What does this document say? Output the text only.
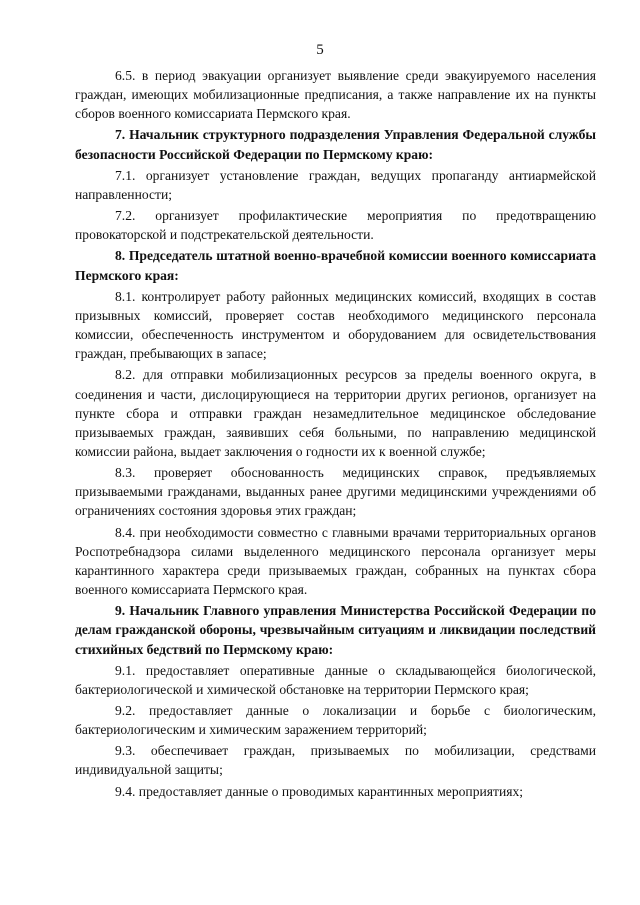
5

6.5. в период эвакуации организует выявление среди эвакуируемого населения граждан, имеющих мобилизационные предписания, а также направление их на пункты сборов военного комиссариата Пермского края.

7. Начальник структурного подразделения Управления Федеральной службы безопасности Российской Федерации по Пермскому краю:

7.1. организует установление граждан, ведущих пропаганду антиармейской направленности;

7.2. организует профилактические мероприятия по предотвращению провокаторской и подстрекательской деятельности.

8. Председатель штатной военно-врачебной комиссии военного комиссариата Пермского края:

8.1. контролирует работу районных медицинских комиссий, входящих в состав призывных комиссий, проверяет состав необходимого медицинского персонала комиссии, обеспеченность инструментом и оборудованием для освидетельствования граждан, пребывающих в запасе;

8.2. для отправки мобилизационных ресурсов за пределы военного округа, в соединения и части, дислоцирующиеся на территории других регионов, организует на пункте сбора и отправки граждан незамедлительное медицинское обследование призываемых граждан, заявивших себя больными, по направлению медицинской комиссии района, выдает заключения о годности их к военной службе;

8.3. проверяет обоснованность медицинских справок, предъявляемых призываемыми гражданами, выданных ранее другими медицинскими учреждениями об ограничениях состояния здоровья этих граждан;

8.4. при необходимости совместно с главными врачами территориальных органов Роспотребнадзора силами выделенного медицинского персонала организует меры карантинного характера среди призываемых граждан, собранных на пунктах сбора военного комиссариата Пермского края.

9. Начальник Главного управления Министерства Российской Федерации по делам гражданской обороны, чрезвычайным ситуациям и ликвидации последствий стихийных бедствий по Пермскому краю:

9.1. предоставляет оперативные данные о складывающейся биологической, бактериологической и химической обстановке на территории Пермского края;

9.2. предоставляет данные о локализации и борьбе с биологическим, бактериологическим и химическим заражением территорий;

9.3. обеспечивает граждан, призываемых по мобилизации, средствами индивидуальной защиты;

9.4. предоставляет данные о проводимых карантинных мероприятиях;
